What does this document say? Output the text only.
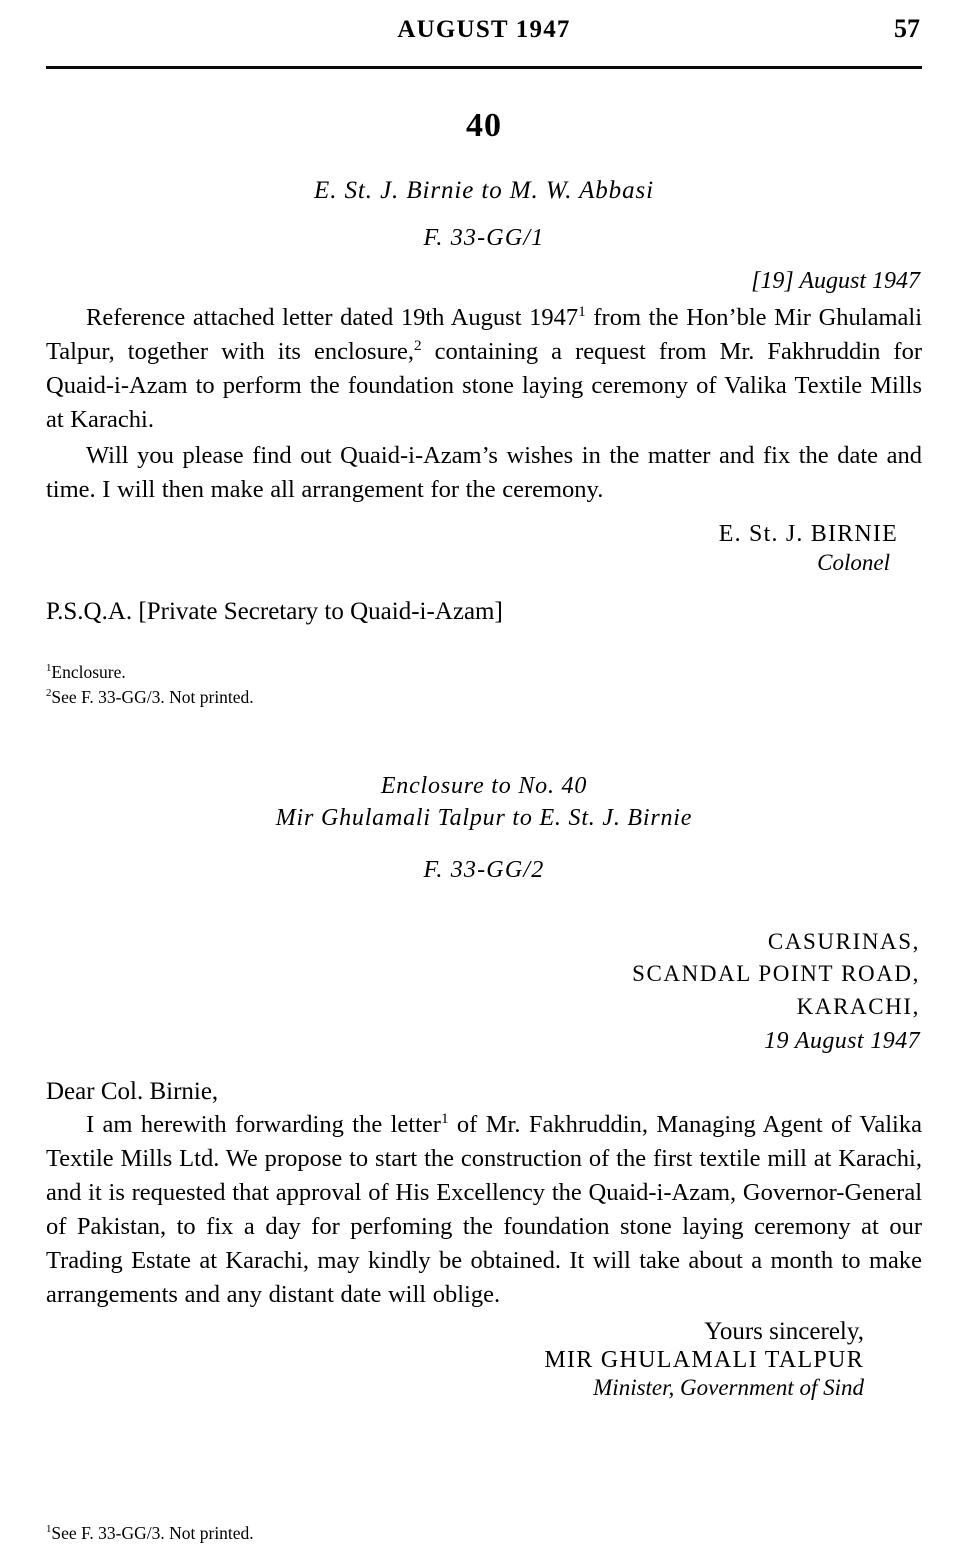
AUGUST 1947	57
40
E. St. J. Birnie to M. W. Abbasi
F. 33-GG/1
[19] August 1947

Reference attached letter dated 19th August 1947$^1$ from the Hon’ble Mir Ghulamali Talpur, together with its enclosure,$^2$ containing a request from Mr. Fakhruddin for Quaid-i-Azam to perform the foundation stone laying ceremony of Valika Textile Mills at Karachi.

Will you please find out Quaid-i-Azam’s wishes in the matter and fix the date and time. I will then make all arrangement for the ceremony.

E. St. J. BIRNIE
Colonel
P.S.Q.A. [Private Secretary to Quaid-i-Azam]
$^1$Enclosure.
$^2$See F. 33-GG/3. Not printed.
Enclosure to No. 40
Mir Ghulamali Talpur to E. St. J. Birnie
F. 33-GG/2
CASURINAS,
SCANDAL POINT ROAD,
KARACHI,
19 August 1947
Dear Col. Birnie,

I am herewith forwarding the letter$^1$ of Mr. Fakhruddin, Managing Agent of Valika Textile Mills Ltd. We propose to start the construction of the first textile mill at Karachi, and it is requested that approval of His Excellency the Quaid-i-Azam, Governor-General of Pakistan, to fix a day for perfoming the foundation stone laying ceremony at our Trading Estate at Karachi, may kindly be obtained. It will take about a month to make arrangements and any distant date will oblige.

Yours sincerely,
MIR GHULAMALI TALPUR
Minister, Government of Sind
$^1$See F. 33-GG/3. Not printed.
